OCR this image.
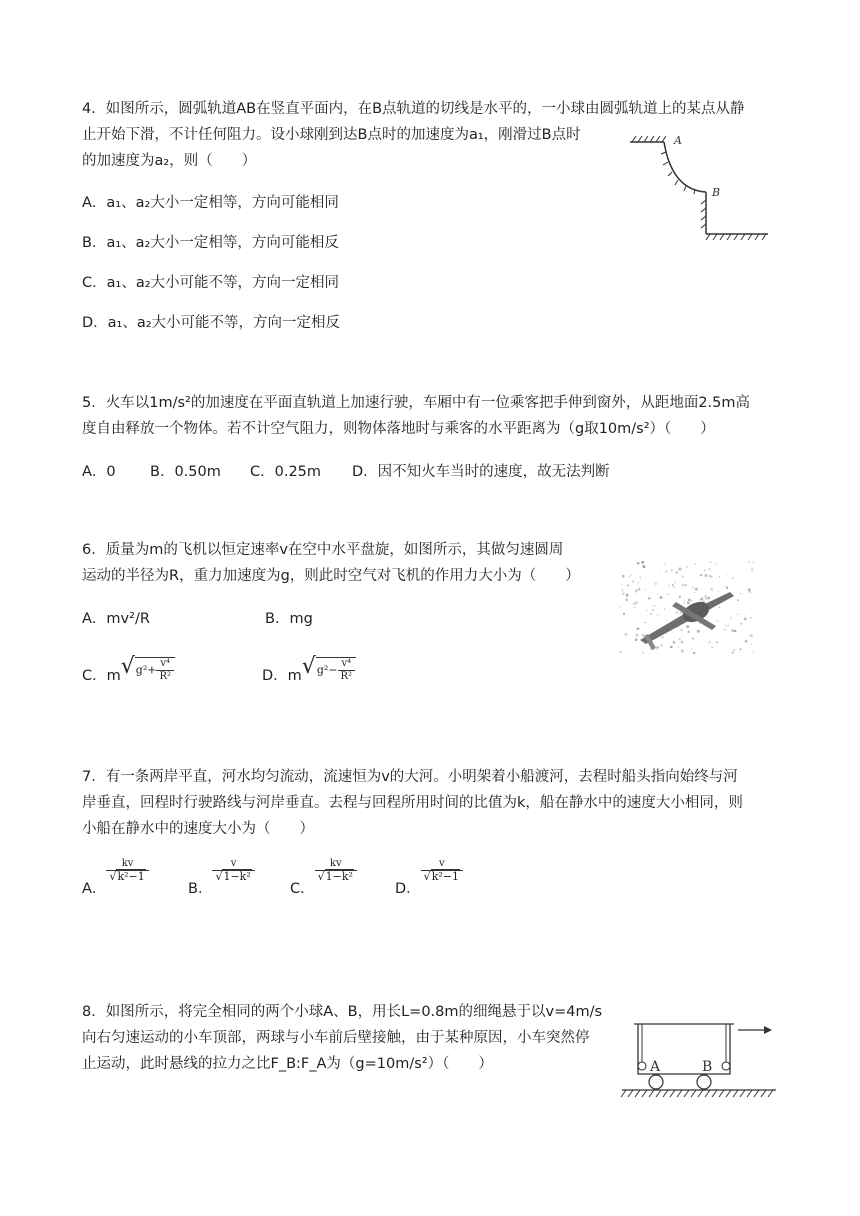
4．如图所示，圆弧轨道AB在竖直平面内，在B点轨道的切线是水平的，一小球由圆弧轨道上的某点从静
止开始下滑，不计任何阻力。设小球刚到达B点时的加速度为a₁，刚滑过B点时
的加速度为a₂，则（　　）
A．a₁、a₂大小一定相等，方向可能相同
B．a₁、a₂大小一定相等，方向可能相反
C．a₁、a₂大小可能不等，方向一定相同
D．a₁、a₂大小可能不等，方向一定相反
A
B
5．火车以1m/s²的加速度在平面直轨道上加速行驶，车厢中有一位乘客把手伸到窗外，从距地面2.5m高
度自由释放一个物体。若不计空气阻力，则物体落地时与乘客的水平距离为（g取10m/s²）（　　）
A．0 B．0.50m C．0.25m D．因不知火车当时的速度，故无法判断
6．质量为m的飞机以恒定速率v在空中水平盘旋，如图所示，其做匀速圆周
运动的半径为R，重力加速度为g，则此时空气对飞机的作用力大小为（　　）
A．mv²/R	B．mg
C．$m√g^2+ \frac{\text{v⁴}}{\text{R²}}$	D．$m√g^2- \frac{\text{v⁴}}{\text{R²}}$
7．有一条两岸平直，河水均匀流动，流速恒为v的大河。小明架着小船渡河，去程时船头指向始终与河
岸垂直，回程时行驶路线与河岸垂直。去程与回程所用时间的比值为k，船在静水中的速度大小相同，则
小船在静水中的速度大小为（　　）
A．
$\frac{kv}{\text{√k²−1}}$
B．
$\frac{v}{\text{√1−k²}}$
C．
$\frac{kv}{\text{√1−k²}}$
D．
$\frac{v}{\text{√k²−1}}$
8．如图所示，将完全相同的两个小球A、B，用长L=0.8m的细绳悬于以v=4m/s
向右匀速运动的小车顶部，两球与小车前后壁接触，由于某种原因，小车突然停
止运动，此时悬线的拉力之比F_B:F_A为（g=10m/s²）（　　）	A	B
